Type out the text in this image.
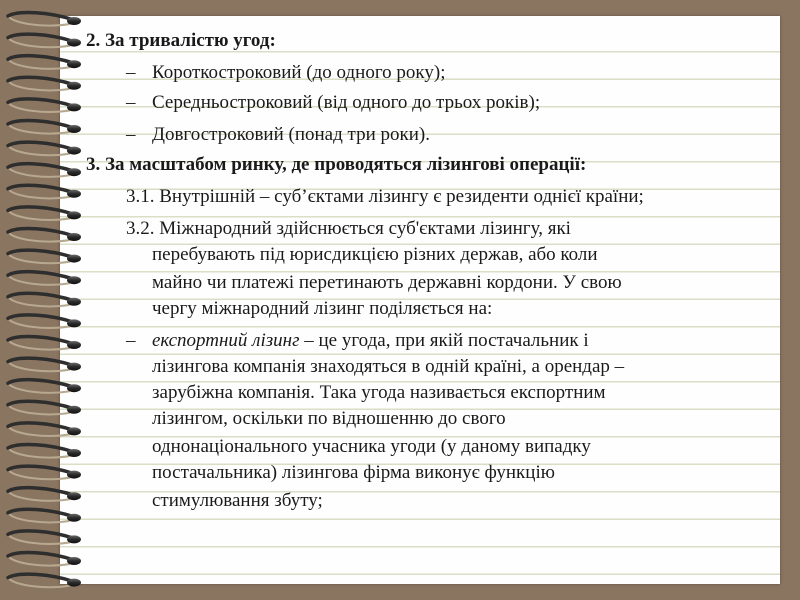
2. За тривалістю угод:
– Короткостроковий (до одного року);
– Середньостроковий (від одного до трьох років);
– Довгостроковий (понад три роки).
3. За масштабом ринку, де проводяться лізингові операції:
3.1. Внутрішній – суб’єктами лізингу є резиденти однієї країни;
3.2. Міжнародний здійснюється суб'єктами лізингу, які
перебувають під юрисдикцією різних держав, або коли
майно чи платежі перетинають державні кордони. У свою
чергу міжнародний лізинг поділяється на:
– експортний лізинг – це угода, при якій постачальник і
лізингова компанія знаходяться в одній країні, а орендар –
зарубіжна компанія. Така угода називається експортним
лізингом, оскільки по відношенню до свого
однонаціонального учасника угоди (у даному випадку
постачальника) лізингова фірма виконує функцію
стимулювання збуту;
